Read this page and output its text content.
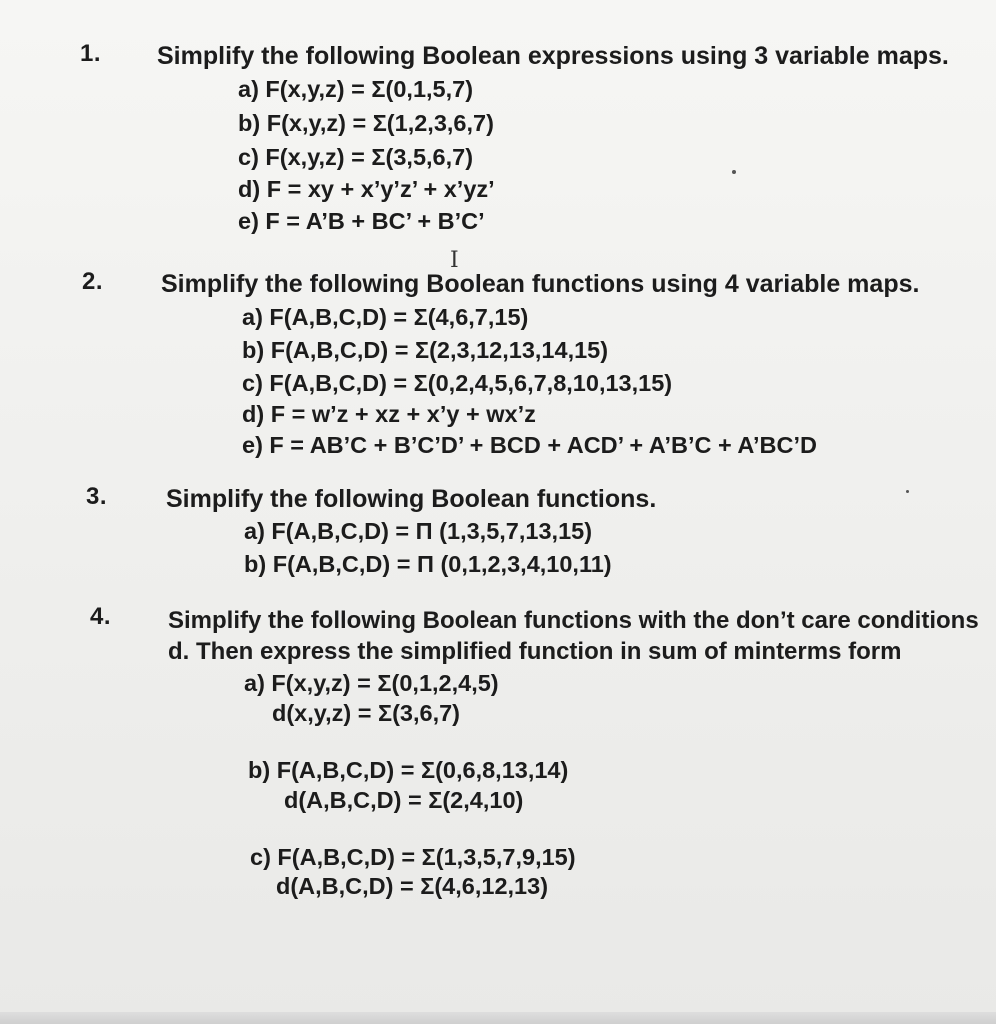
1. Simplify the following Boolean expressions using 3 variable maps.
a) F(x,y,z) = Σ(0,1,5,7)
b) F(x,y,z) = Σ(1,2,3,6,7)
c) F(x,y,z) = Σ(3,5,6,7)
d) F = xy + x’y’z’ + x’yz’
e) F = A’B + BC’ + B’C’
I
2. Simplify the following Boolean functions using 4 variable maps.
a) F(A,B,C,D) = Σ(4,6,7,15)
b) F(A,B,C,D) = Σ(2,3,12,13,14,15)
c) F(A,B,C,D) = Σ(0,2,4,5,6,7,8,10,13,15)
d) F = w’z + xz + x’y + wx’z
e) F = AB’C + B’C’D’ + BCD + ACD’ + A’B’C + A’BC’D
3. Simplify the following Boolean functions.
a) F(A,B,C,D) = Π (1,3,5,7,13,15)
b) F(A,B,C,D) = Π (0,1,2,3,4,10,11)
4. Simplify the following Boolean functions with the don’t care conditions
d. Then express the simplified function in sum of minterms form
a) F(x,y,z) = Σ(0,1,2,4,5)
d(x,y,z) = Σ(3,6,7)
b) F(A,B,C,D) = Σ(0,6,8,13,14)
d(A,B,C,D) = Σ(2,4,10)
c) F(A,B,C,D) = Σ(1,3,5,7,9,15)
d(A,B,C,D) = Σ(4,6,12,13)
